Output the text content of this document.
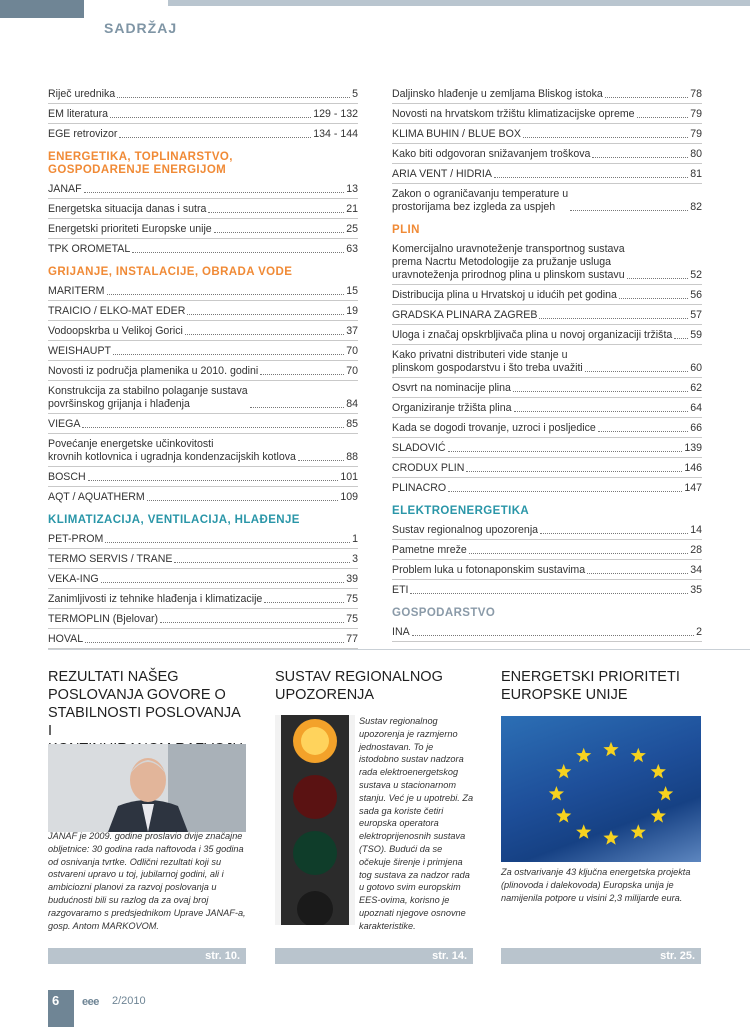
SADRŽAJ
Riječ urednika	5
EM literatura	129 - 132
EGE retrovizor	134 - 144
ENERGETIKA, TOPLINARSTVO,
GOSPODARENJE ENERGIJOM
JANAF	13
Energetska situacija danas i sutra	21
Energetski prioriteti Europske unije	25
TPK OROMETAL	63
GRIJANJE, INSTALACIJE, OBRADA VODE
MARITERM	15
TRAICIO / ELKO-MAT EDER	19
Vodoopskrba u Velikoj Gorici	37
WEISHAUPT	70
Novosti iz područja plamenika u 2010. godini	70
Konstrukcija za stabilno polaganje sustava
površinskog grijanja i hlađenja	84
VIEGA	85
Povećanje energetske učinkovitosti
krovnih kotlovnica i ugradnja kondenzacijskih kotlova	88
BOSCH	101
AQT / AQUATHERM	109
KLIMATIZACIJA, VENTILACIJA, HLAĐENJE
PET-PROM	1
TERMO SERVIS / TRANE	3
VEKA-ING	39
Zanimljivosti iz tehnike hlađenja i klimatizacije	75
TERMOPLIN (Bjelovar)	75
HOVAL	77
Daljinsko hlađenje u zemljama Bliskog istoka	78
Novosti na hrvatskom tržištu klimatizacijske opreme	79
KLIMA BUHIN / BLUE BOX	79
Kako biti odgovoran snižavanjem troškova	80
ARIA VENT / HIDRIA	81
Zakon o ograničavanju temperature u
prostorijama bez izgleda za uspjeh	82
PLIN
Komercijalno uravnoteženje transportnog sustava
prema Nacrtu Metodologije za pružanje usluga
uravnoteženja prirodnog plina u plinskom sustavu	52
Distribucija plina u Hrvatskoj u idućih pet godina	56
GRADSKA PLINARA ZAGREB	57
Uloga i značaj opskrbljivača plina u novoj organizaciji tržišta 59
Kako privatni distributeri vide stanje u
plinskom gospodarstvu i što treba uvažiti	60
Osvrt na nominacije plina	62
Organiziranje tržišta plina	64
Kada se dogodi trovanje, uzroci i posljedice	66
SLADOVIĆ	139
CRODUX PLIN	146
PLINACRO	147
ELEKTROENERGETIKA
Sustav regionalnog upozorenja	14
Pametne mreže	28
Problem luka u fotonaponskim sustavima	34
ETI	35
GOSPODARSTVO
INA	2
REZULTATI NAŠEG
POSLOVANJA GOVORE O
STABILNOSTI POSLOVANJA I

JANAF je 2009. godine proslavio dvije značajne obljetnice: 30 godina rada naftovoda i 35 godina od osnivanja tvrtke. Odlični rezultati koji su ostvareni upravo u toj, jubilarnoj godini, ali i ambiciozni planovi za razvoj poslovanja u budućnosti bili su razlog da za ovaj broj razgovaramo s predsjednikom Uprave JANAF-a, gosp. Antom MARKOVOM.
str. 10.
SUSTAV REGIONALNOG
UPOZORENJA
Sustav regionalnog upozorenja je razmjerno jednostavan. To je istodobno sustav nadzora rada elektroenergetskog sustava u stacionarnom stanju. Već je u upotrebi. Za sada ga koriste četiri europska operatora elektroprijenosnih sustava (TSO). Budući da se očekuje širenje i primjena tog sustava za nadzor rada u gotovo svim europskim EES-ovima, korisno je upoznati njegove osnovne karakteristike.
str. 14.
ENERGETSKI PRIORITETI
EUROPSKE UNIJE
Za ostvarivanje 43 ključna energetska projekta (plinovoda i dalekovoda) Europska unija je namijenila potpore u visini 2,3 milijarde eura.
str. 25.
6 eee 2/2010
